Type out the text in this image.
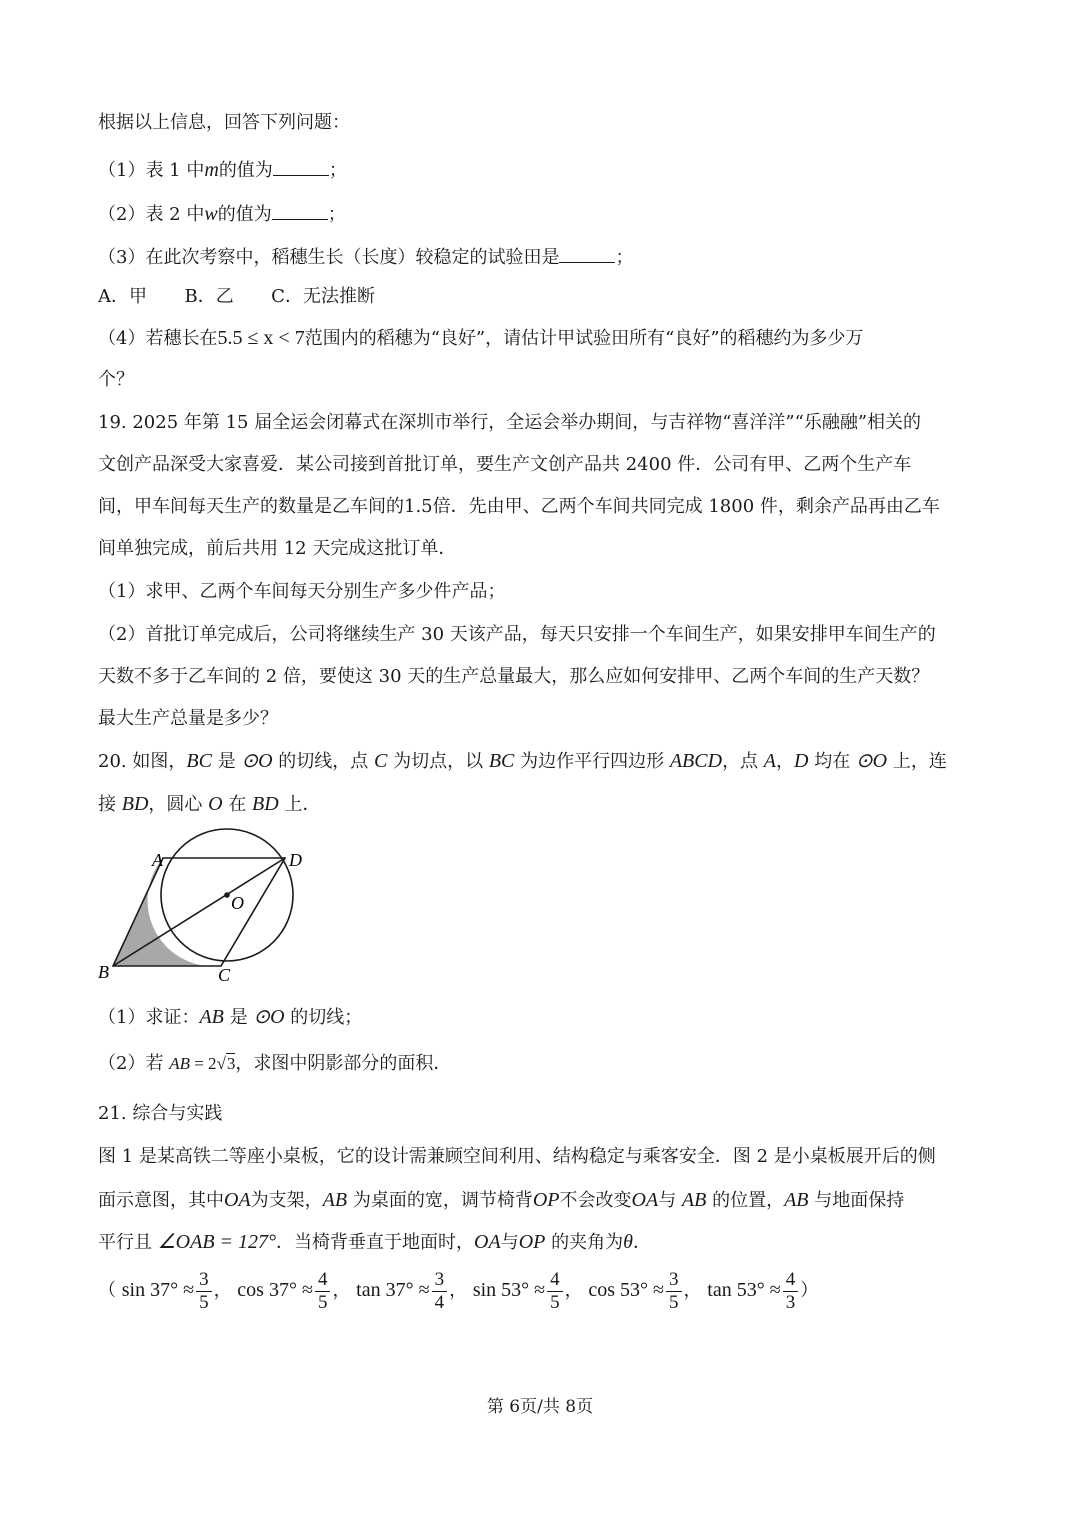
根据以上信息，回答下列问题：
（1）表 1 中m的值为	；
（2）表 2 中w的值为	；
（3）在此次考察中，稻穗生长（长度）较稳定的试验田是	；
A．甲 B．乙 C．无法推断
（4）若穗长在5.5 ≤ x < 7范围内的稻穗为“良好”，请估计甲试验田所有“良好”的稻穗约为多少万
个？
19. 2025 年第 15 届全运会闭幕式在深圳市举行，全运会举办期间，与吉祥物“喜洋洋”“乐融融”相关的
文创产品深受大家喜爱．某公司接到首批订单，要生产文创产品共 2400 件．公司有甲、乙两个生产车
间，甲车间每天生产的数量是乙车间的1.5倍．先由甲、乙两个车间共同完成 1800 件，剩余产品再由乙车
间单独完成，前后共用 12 天完成这批订单．
（1）求甲、乙两个车间每天分别生产多少件产品；
（2）首批订单完成后，公司将继续生产 30 天该产品，每天只安排一个车间生产，如果安排甲车间生产的
天数不多于乙车间的 2 倍，要使这 30 天的生产总量最大，那么应如何安排甲、乙两个车间的生产天数？
最大生产总量是多少？
20. 如图，BC 是 ⊙O 的切线，点 C 为切点，以 BC 为边作平行四边形 ABCD，点 A，D 均在 ⊙O 上，连
接 BD，圆心 O 在 BD 上．
A	D
O
B	C
（1）求证：AB 是 ⊙O 的切线；
（2）若 AB = 2√3，求图中阴影部分的面积．
21. 综合与实践
图 1 是某高铁二等座小桌板，它的设计需兼顾空间利用、结构稳定与乘客安全．图 2 是小桌板展开后的侧
面示意图，其中OA为支架，AB 为桌面的宽，调节椅背OP不会改变OA与 AB 的位置，AB 与地面保持
平行且 ∠OAB = 127°．当椅背垂直于地面时，OA与OP 的夹角为θ．
（ $\sin 37^\circ \approx \frac{3}{5}$ ， $\cos 37^\circ \approx \frac{4}{5}$ ， $\tan 37^\circ \approx \frac{3}{4}$ ， $\sin 53^\circ \approx \frac{4}{5}$ ， $\cos 53^\circ \approx \frac{3}{5}$ ， $\tan 53^\circ \approx \frac{4}{3}$ ）
第 6页/共 8页
